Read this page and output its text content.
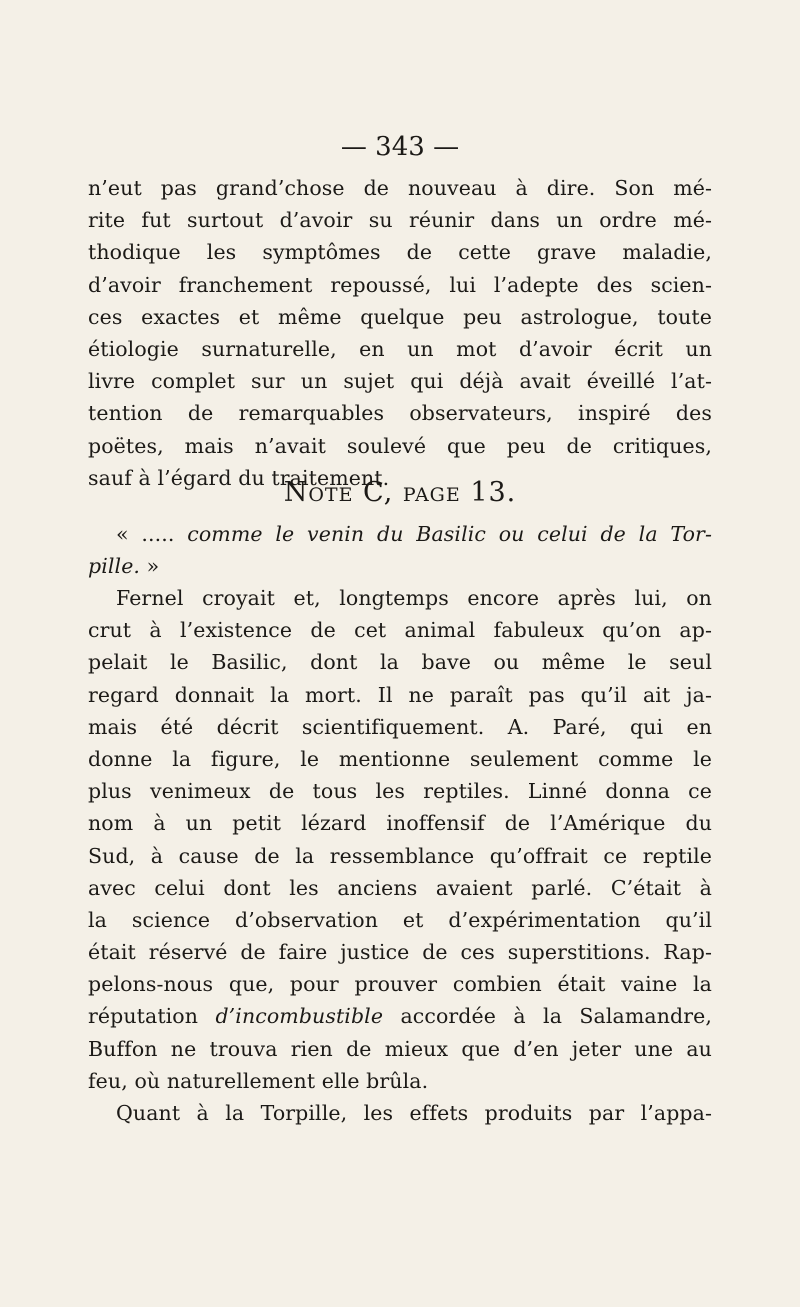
— 343 —
n’eut pas grand’chose de nouveau à dire. Son mé-
rite fut surtout d’avoir su réunir dans un ordre mé-
thodique les symptômes de cette grave maladie,
d’avoir franchement repoussé, lui l’adepte des scien-
ces exactes et même quelque peu astrologue, toute
étiologie surnaturelle, en un mot d’avoir écrit un
livre complet sur un sujet qui déjà avait éveillé l’at-
tention de remarquables observateurs, inspiré des
poëtes, mais n’avait soulevé que peu de critiques,
sauf à l’égard du traitement.
Note C, page 13.
« ..... comme le venin du Basilic ou celui de la Tor-
pille. »
Fernel croyait et, longtemps encore après lui, on
crut à l’existence de cet animal fabuleux qu’on ap-
pelait le Basilic, dont la bave ou même le seul
regard donnait la mort. Il ne paraît pas qu’il ait ja-
mais été décrit scientifiquement. A. Paré, qui en
donne la figure, le mentionne seulement comme le
plus venimeux de tous les reptiles. Linné donna ce
nom à un petit lézard inoffensif de l’Amérique du
Sud, à cause de la ressemblance qu’offrait ce reptile
avec celui dont les anciens avaient parlé. C’était à
la science d’observation et d’expérimentation qu’il
était réservé de faire justice de ces superstitions. Rap-
pelons-nous que, pour prouver combien était vaine la
réputation d’incombustible accordée à la Salamandre,
Buffon ne trouva rien de mieux que d’en jeter une au
feu, où naturellement elle brûla.
Quant à la Torpille, les effets produits par l’appa-
